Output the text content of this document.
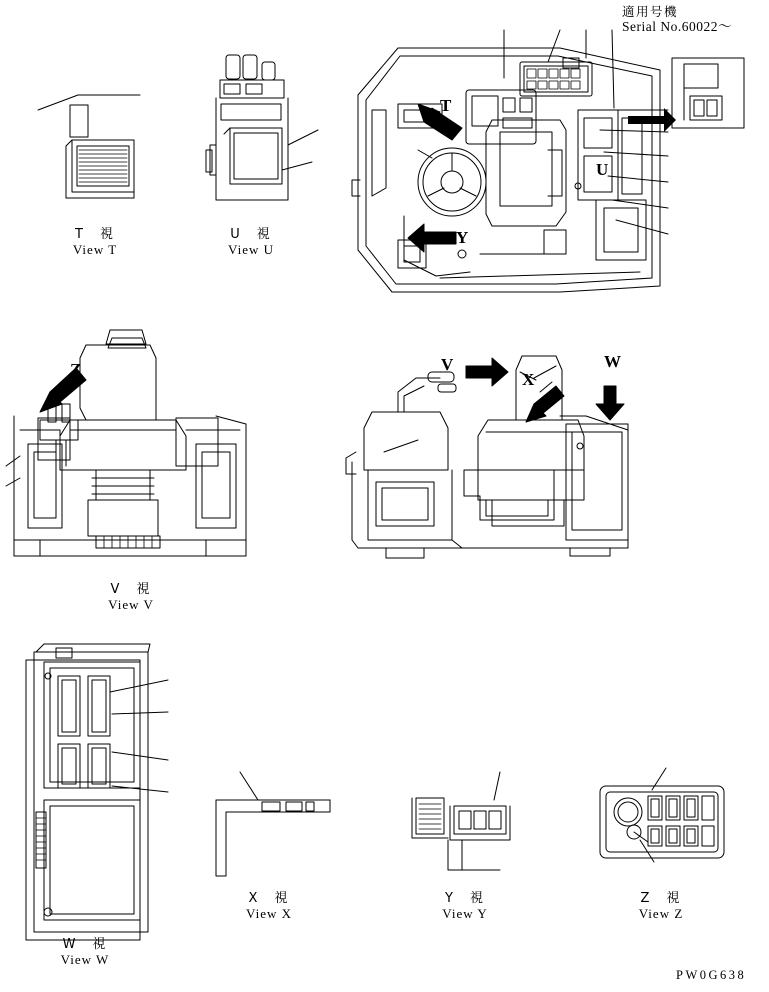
適用号機
Serial No.60022～
T　視
View T
U　視
View U
V　視
View V
W　視
View W
X　視
View X
Y　視
View Y
Z　視
View Z
T
U
Y
Z	V
X
W
PW0G638
